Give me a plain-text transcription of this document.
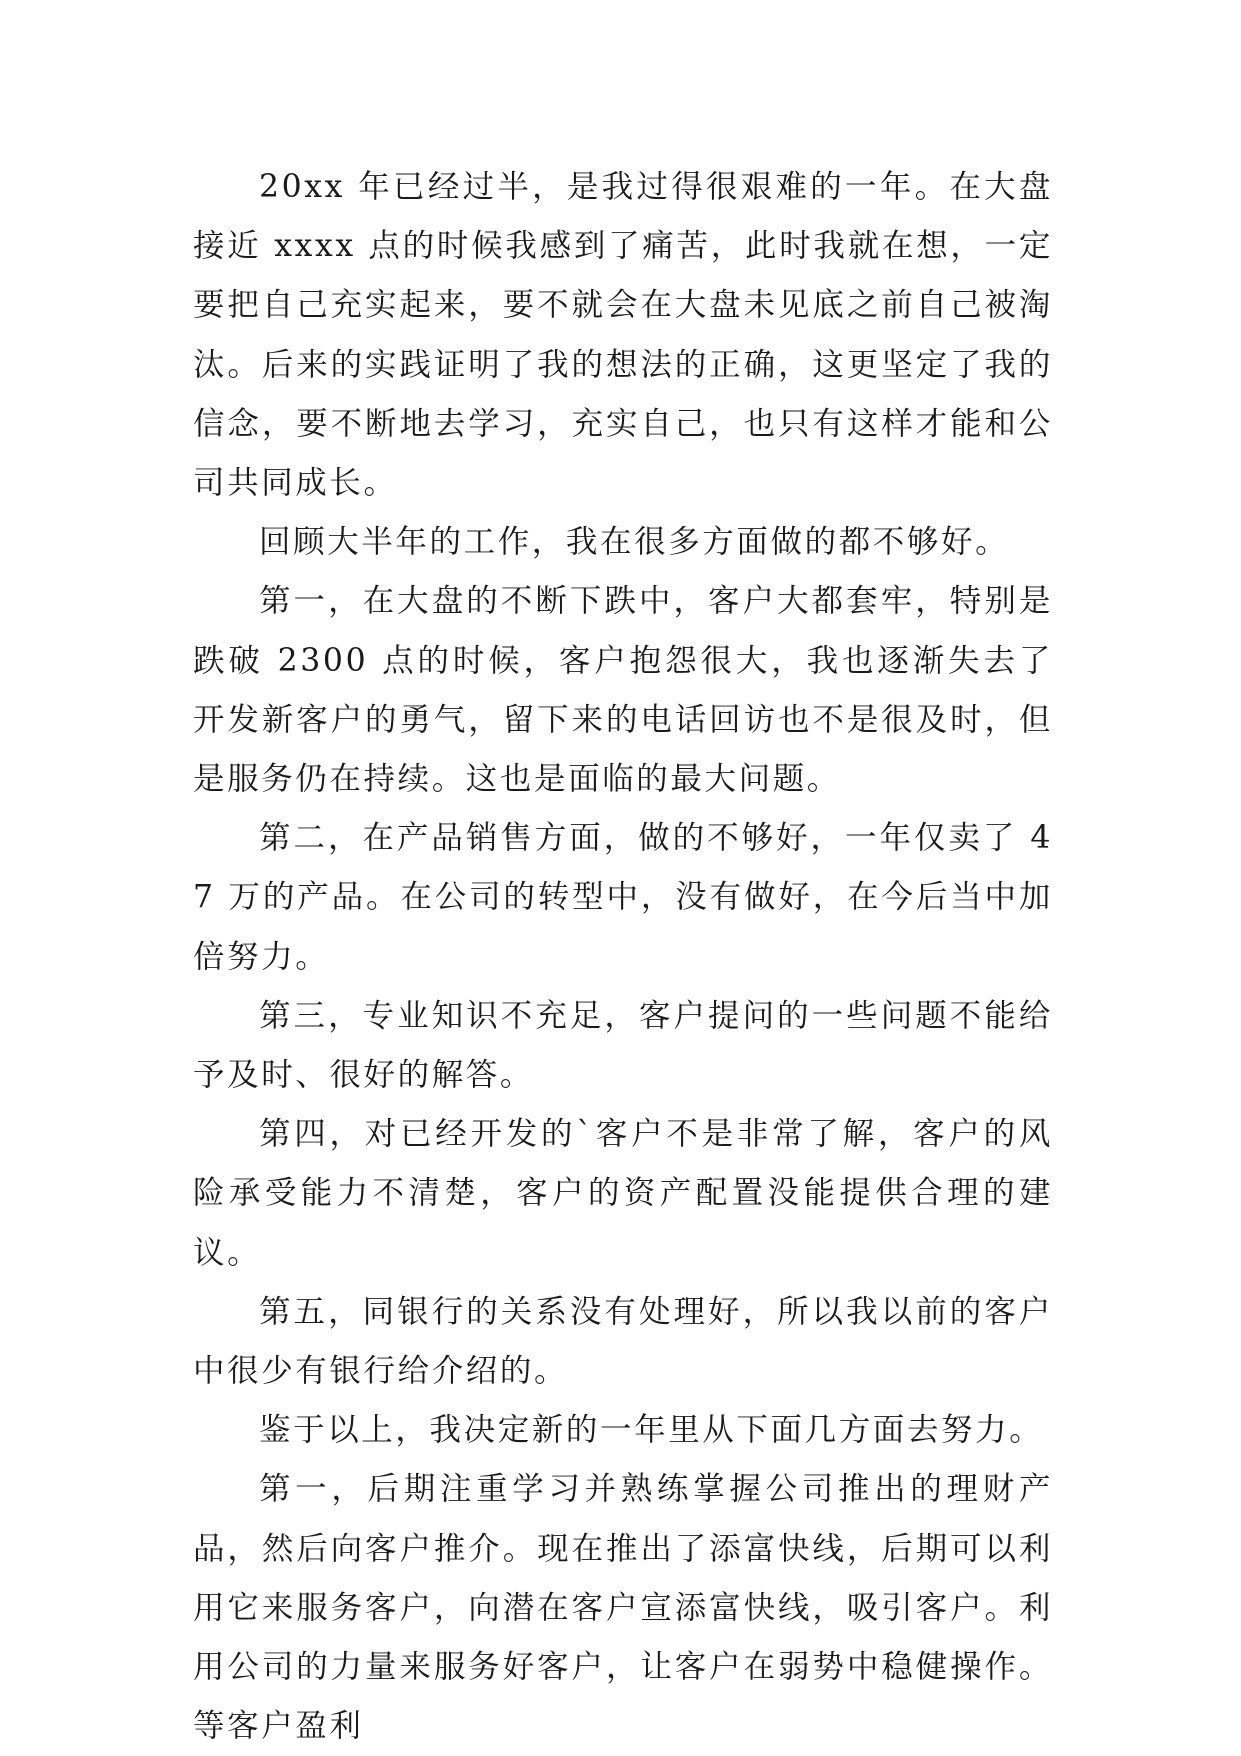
20xx 年已经过半，是我过得很艰难的一年。在大盘接近 xxxx 点的时候我感到了痛苦，此时我就在想，一定要把自己充实起来，要不就会在大盘未见底之前自己被淘汰。后来的实践证明了我的想法的正确，这更坚定了我的信念，要不断地去学习，充实自己，也只有这样才能和公司共同成长。

回顾大半年的工作，我在很多方面做的都不够好。

第一，在大盘的不断下跌中，客户大都套牢，特别是跌破 2300 点的时候，客户抱怨很大，我也逐渐失去了开发新客户的勇气，留下来的电话回访也不是很及时，但是服务仍在持续。这也是面临的最大问题。

第二，在产品销售方面，做的不够好，一年仅卖了 47 万的产品。在公司的转型中，没有做好，在今后当中加倍努力。

第三，专业知识不充足，客户提问的一些问题不能给予及时、很好的解答。

第四，对已经开发的`客户不是非常了解，客户的风险承受能力不清楚，客户的资产配置没能提供合理的建议。

第五，同银行的关系没有处理好，所以我以前的客户中很少有银行给介绍的。

鉴于以上，我决定新的一年里从下面几方面去努力。

第一，后期注重学习并熟练掌握公司推出的理财产品，然后向客户推介。现在推出了添富快线，后期可以利用它来服务客户，向潜在客户宣添富快线，吸引客户。利用公司的力量来服务好客户，让客户在弱势中稳健操作。等客户盈利
